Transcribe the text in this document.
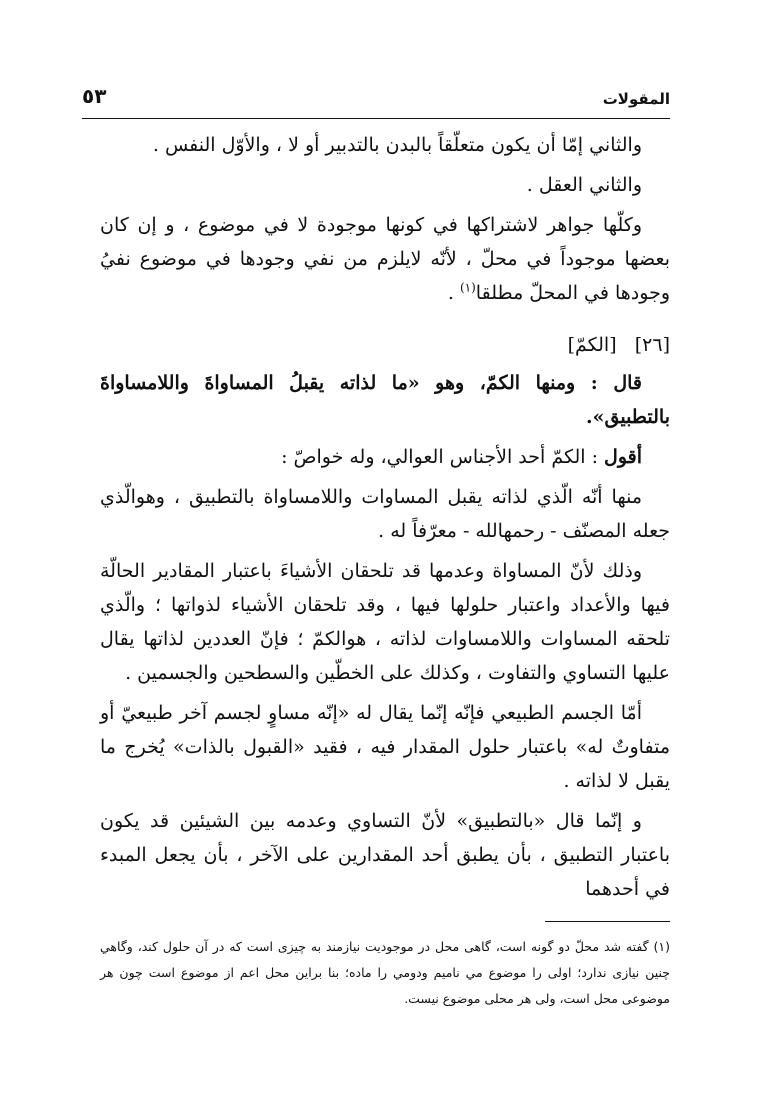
المقولات
٥٣

والثاني إمّا أن يكون متعلّقاً بالبدن بالتدبير أو لا ، والأوّل النفس .

والثاني العقل .

وكلّها جواهر لاشتراكها في كونها موجودة لا في موضوع ، و إن كان بعضها موجوداً في محلّ ، لأنّه لايلزم من نفي وجودها في موضوع نفيُ وجودها في المحلّ مطلقا$^{(١)}$ .

[٢٦]   [الكمّ]

قال : ومنها الكمّ، وهو «ما لذاته يقبلُ المساواةَ واللامساواةَ بالتطبيق».

أقول : الكمّ أحد الأجناس العوالي، وله خواصّ :

منها أنّه الّذي لذاته يقبل المساوات واللامساواة بالتطبيق ، وهوالّذي جعله المصنّف - رحمهالله - معرّفاً له .

وذلك لأنّ المساواة وعدمها قد تلحقان الأشياءَ باعتبار المقادير الحالّة فيها والأعداد واعتبار حلولها فيها ، وقد تلحقان الأشياء لذواتها ؛ والّذي تلحقه المساوات واللامساوات لذاته ، هوالكمّ ؛ فإنّ العددين لذاتها يقال عليها التساوي والتفاوت ، وكذلك على الخطّين والسطحين والجسمين .

أمّا الجسم الطبيعي فإنّه إنّما يقال له «إنّه مساوٍ لجسم آخر طبيعيّ أو متفاوتٌ له» باعتبار حلول المقدار فيه ، فقيد «القبول بالذات» يُخرج ما يقبل لا لذاته .

و إنّما قال «بالتطبيق» لأنّ التساوي وعدمه بين الشيئين قد يكون باعتبار التطبيق ، بأن يطبق أحد المقدارين على الآخر ، بأن يجعل المبدء في أحدهما

(١) گفته شد محلّ دو گونه است، گاهی محل در موجوديت نيازمند به چيزى است كه در آن حلول كند، وگاهي چنين نيازى ندارد؛ اولى را موضوع مي نامیم ودومي را ماده؛ بنا براين محل اعم از موضوع است چون هر موضوعى محل است، ولى هر محلى موضوع نيست.
